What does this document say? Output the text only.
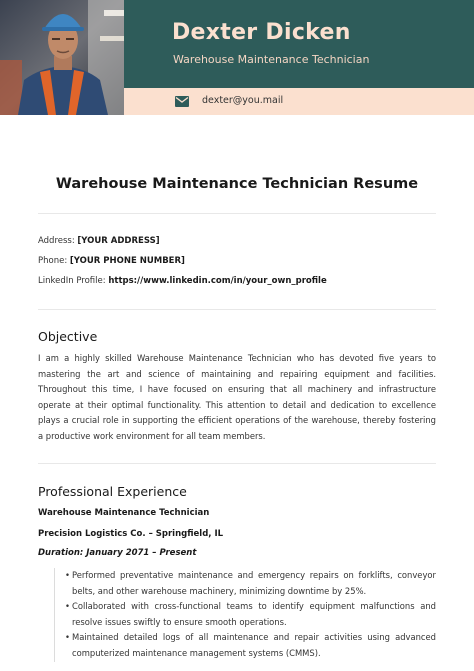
Dexter Dicken
Warehouse Maintenance Technician
dexter@you.mail
Warehouse Maintenance Technician Resume
Address: [YOUR ADDRESS]
Phone: [YOUR PHONE NUMBER]
LinkedIn Profile: https://www.linkedin.com/in/your_own_profile
Objective
I am a highly skilled Warehouse Maintenance Technician who has devoted five years to mastering the art and science of maintaining and repairing equipment and facilities. Throughout this time, I have focused on ensuring that all machinery and infrastructure operate at their optimal functionality. This attention to detail and dedication to excellence plays a crucial role in supporting the efficient operations of the warehouse, thereby fostering a productive work environment for all team members.
Professional Experience
Warehouse Maintenance Technician
Precision Logistics Co. – Springfield, IL
Duration: January 2071 – Present
• Performed preventative maintenance and emergency repairs on forklifts, conveyor belts, and other warehouse machinery, minimizing downtime by 25%.
• Collaborated with cross-functional teams to identify equipment malfunctions and resolve issues swiftly to ensure smooth operations.
• Maintained detailed logs of all maintenance and repair activities using advanced computerized maintenance management systems (CMMS).
